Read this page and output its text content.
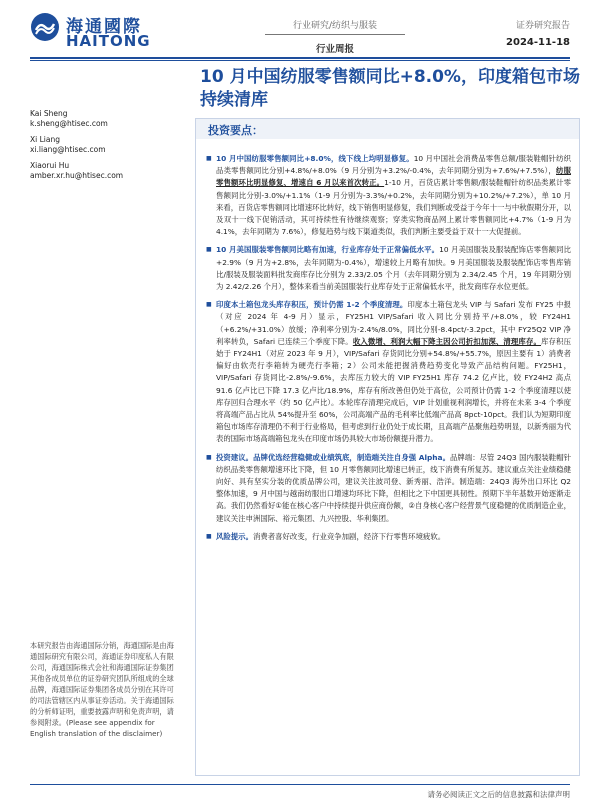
海通國際
HAITONG
行业研究/纺织与服装
行业周报
证券研究报告
2024-11-18
10 月中国纺服零售额同比+8.0%，印度箱包市场持续清库
Kai Sheng
k.sheng@htisec.com
Xi Liang
xi.liang@htisec.com
Xiaorui Hu
amber.xr.hu@htisec.com
投资要点：

■ 10 月中国纺服零售额同比+8.0%，线下线上均明显修复。10 月中国社会消费品零售总额/服装鞋帽针纺织品类零售额同比分别+4.8%/+8.0%（9 月分别为+3.2%/-0.4%，去年同期分别为+7.6%/+7.5%），纺服零售额环比明显修复、增速自 6 月以来首次转正。1-10 月，百货店累计零售额/服装鞋帽针纺织品类累计零售额同比分别-3.0%/+1.1%（1-9 月分别为-3.3%/+0.2%，去年同期分别为+10.2%/+7.2%），单 10 月来看，百货店零售额同比增速环比转好，线下销售明显修复，我们判断或受益于今年十一与中秋假期分开，以及双十一线下促销活动，其可持续性有待继续观察；穿类实物商品网上累计零售额同比+4.7%（1-9 月为 4.1%，去年同期为 7.6%），修复趋势与线下渠道类似，我们判断主要受益于双十一大促提前。

■ 10 月美国服装零售额同比略有加速，行业库存处于正常偏低水平。10 月美国服装及服装配饰店零售额同比+2.9%（9 月为+2.8%，去年同期为-0.4%），增速较上月略有加快。9 月美国服装及服装配饰店零售库销比/服装及服装面料批发商库存比分别为 2.33/2.05 个月（去年同期分别为 2.34/2.45 个月，19 年同期分别为 2.42/2.26 个月），整体来看当前美国服装行业库存处于正常偏低水平，批发商库存水位更低。

■ 印度本土箱包龙头库存积压，预计仍需 1-2 个季度清理。印度本土箱包龙头 VIP 与 Safari 发布 FY25 中报（对应 2024 年 4-9 月）显示，FY25H1 VIP/Safari 收入同比分别持平/+8.0%，较 FY24H1（+6.2%/+31.0%）放缓；净利率分别为-2.4%/8.0%，同比分别-8.4pct/-3.2pct，其中 FY25Q2 VIP 净利率转负，Safari 已连续三个季度下降。收入微增、利润大幅下降主因公司折扣加深、清理库存。库存积压始于 FY24H1（对应 2023 年 9 月），VIP/Safari 存货同比分别+54.8%/+55.7%，原因主要有 1）消费者偏好由软壳行李箱转为硬壳行李箱；2）公司未能把握消费趋势变化导致产品结构问题。FY25H1，VIP/Safari 存货同比-2.8%/-9.6%，去库压力较大的 VIP FY25H1 库存 74.2 亿卢比，较 FY24H2 高点 91.6 亿卢比已下降 17.3 亿卢比/18.9%，库存有所改善但仍处于高位，公司预计仍需 1-2 个季度清理以使库存回归合理水平（约 50 亿卢比）。本轮库存清理完成后，VIP 计划重视利润增长，并将在未来 3-4 个季度将高端产品占比从 54%提升至 60%，公司高端产品的毛利率比低端产品高 8pct-10pct。我们认为短期印度箱包市场库存清理仍不利于行业格局，但考虑到行业仍处于成长期，且高端产品聚焦趋势明显，以新秀丽为代表的国际市场高端箱包龙头在印度市场仍具较大市场份额提升潜力。

■ 投资建议。品牌优选经营稳健或业绩筑底，制造端关注自身强 Alpha。品牌端：尽管 24Q3 国内服装鞋帽针纺织品类零售额增速环比下降，但 10 月零售额同比增速已转正，线下消费有所复苏。建议重点关注业绩稳健向好、具有坚实分装的优质品牌公司，建议关注波司登、新秀丽、浩洋。制造端：24Q3 海外出口环比 Q2 整体加速，9 月中国与越南纺服出口增速均环比下降，但相比之下中国更具韧性。预期下半年基数开始逐渐走高。我们仍然看好①能在核心客户中持续提升供应商份额，②自身核心客户经营景气度稳健的优质制造企业，建议关注申洲国际、裕元集团、九兴控股、华利集团。

■ 风险提示。消费者喜好改变，行业竞争加剧，经济下行零售环境疲软。

本研究报告由海通国际分销，海通国际是由海通国际研究有限公司，海通证券印度私人有限公司，海通国际株式会社和海通国际证券集团其他各成员单位的证券研究团队所组成的全球品牌，海通国际证券集团各成员分别在其许可的司法管辖区内从事证券活动。关于海通国际的分析师证明，重要披露声明和免责声明，请参阅附录。(Please see appendix for English translation of the disclaimer)
请务必阅读正文之后的信息披露和法律声明
